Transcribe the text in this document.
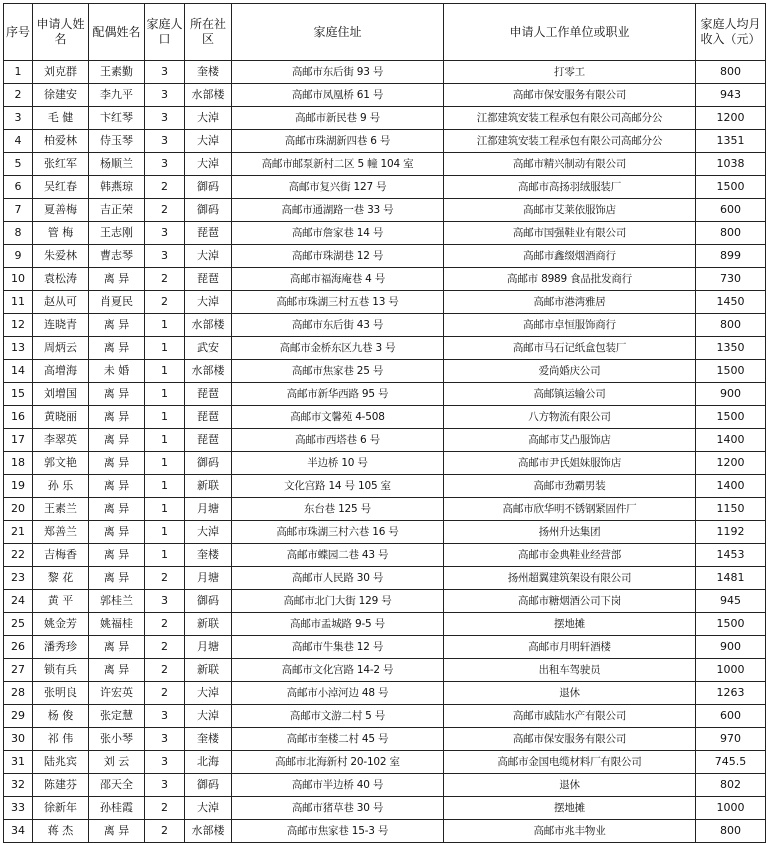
序号	申请人姓名	配偶姓名	家庭人口	所在社区	家庭住址	申请人工作单位或职业	家庭人均月收入（元）
1	刘克群	王素勤	3	奎楼	高邮市东后街 93 号	打零工	800
2	徐建安	李九平	3	水部楼	高邮市凤凰桥 61 号	高邮市保安服务有限公司	943
3	毛 健	卞红琴	3	大淖	高邮市新民巷 9 号	江都建筑安装工程承包有限公司高邮分公	1200
4	柏爱林	侍玉琴	3	大淖	高邮市珠湖新四巷 6 号	江都建筑安装工程承包有限公司高邮分公	1351
5	张红军	杨顺兰	3	大淖	高邮市邮泵新村二区 5 幢 104 室	高邮市精兴制动有限公司	1038
6	吴红春	韩燕琼	2	御码	高邮市复兴街 127 号	高邮市高扬羽绒服装厂	1500
7	夏善梅	吉正荣	2	御码	高邮市通湖路一巷 33 号	高邮市艾莱依服饰店	600
8	管 梅	王志刚	3	琵琶	高邮市詹家巷 14 号	高邮市国强鞋业有限公司	800
9	朱爱林	曹志琴	3	大淖	高邮市珠湖巷 12 号	高邮市鑫缀烟酒商行	899
10	袁松涛	离 异	2	琵琶	高邮市福海庵巷 4 号	高邮市 8989 食品批发商行	730
11	赵从可	肖夏民	2	大淖	高邮市珠湖三村五巷 13 号	高邮市港湾雅居	1450
12	连晓青	离 异	1	水部楼	高邮市东后街 43 号	高邮市卓恒服饰商行	800
13	周炳云	离 异	1	武安	高邮市金桥东区九巷 3 号	高邮市马石记纸盒包装厂	1350
14	高增海	未 婚	1	水部楼	高邮市焦家巷 25 号	爱尚婚庆公司	1500
15	刘增国	离 异	1	琵琶	高邮市新华西路 95 号	高邮镇运输公司	900
16	黄晓丽	离 异	1	琵琶	高邮市文馨苑 4-508	八方物流有限公司	1500
17	李翠英	离 异	1	琵琶	高邮市西塔巷 6 号	高邮市艾凸服饰店	1400
18	郭文艳	离 异	1	御码	半边桥 10 号	高邮市尹氏姐妹服饰店	1200
19	孙 乐	离 异	1	新联	文化宫路 14 号 105 室	高邮市劲霸男装	1400
20	王素兰	离 异	1	月塘	东台巷 125 号	高邮市欣华明不锈钢紧固件厂	1150
21	郑善兰	离 异	1	大淖	高邮市珠湖三村六巷 16 号	扬州升达集团	1192
22	吉梅香	离 异	1	奎楼	高邮市蝶园二巷 43 号	高邮市金典鞋业经营部	1453
23	黎 花	离 异	2	月塘	高邮市人民路 30 号	扬州超翼建筑架设有限公司	1481
24	黄 平	郭桂兰	3	御码	高邮市北门大街 129 号	高邮市糖烟酒公司下岗	945
25	姚金芳	姚福桂	2	新联	高邮市盂城路 9-5 号	摆地摊	1500
26	潘秀珍	离 异	2	月塘	高邮市牛集巷 12 号	高邮市月明轩酒楼	900
27	锁有兵	离 异	2	新联	高邮市文化宫路 14-2 号	出租车驾驶员	1000
28	张明良	许宏英	2	大淖	高邮市小淖河边 48 号	退休	1263
29	杨 俊	张定慧	3	大淖	高邮市文游二村 5 号	高邮市戚陆水产有限公司	600
30	祁 伟	张小琴	3	奎楼	高邮市奎楼二村 45 号	高邮市保安服务有限公司	970
31	陆兆宾	刘 云	3	北海	高邮市北海新村 20-102 室	高邮市金国电缆材料厂有限公司	745.5
32	陈建芬	邵天全	3	御码	高邮市半边桥 40 号	退休	802
33	徐新年	孙桂霞	2	大淖	高邮市猪草巷 30 号	摆地摊	1000
34	蒋 杰	离 异	2	水部楼	高邮市焦家巷 15-3 号	高邮市兆丰物业	800
